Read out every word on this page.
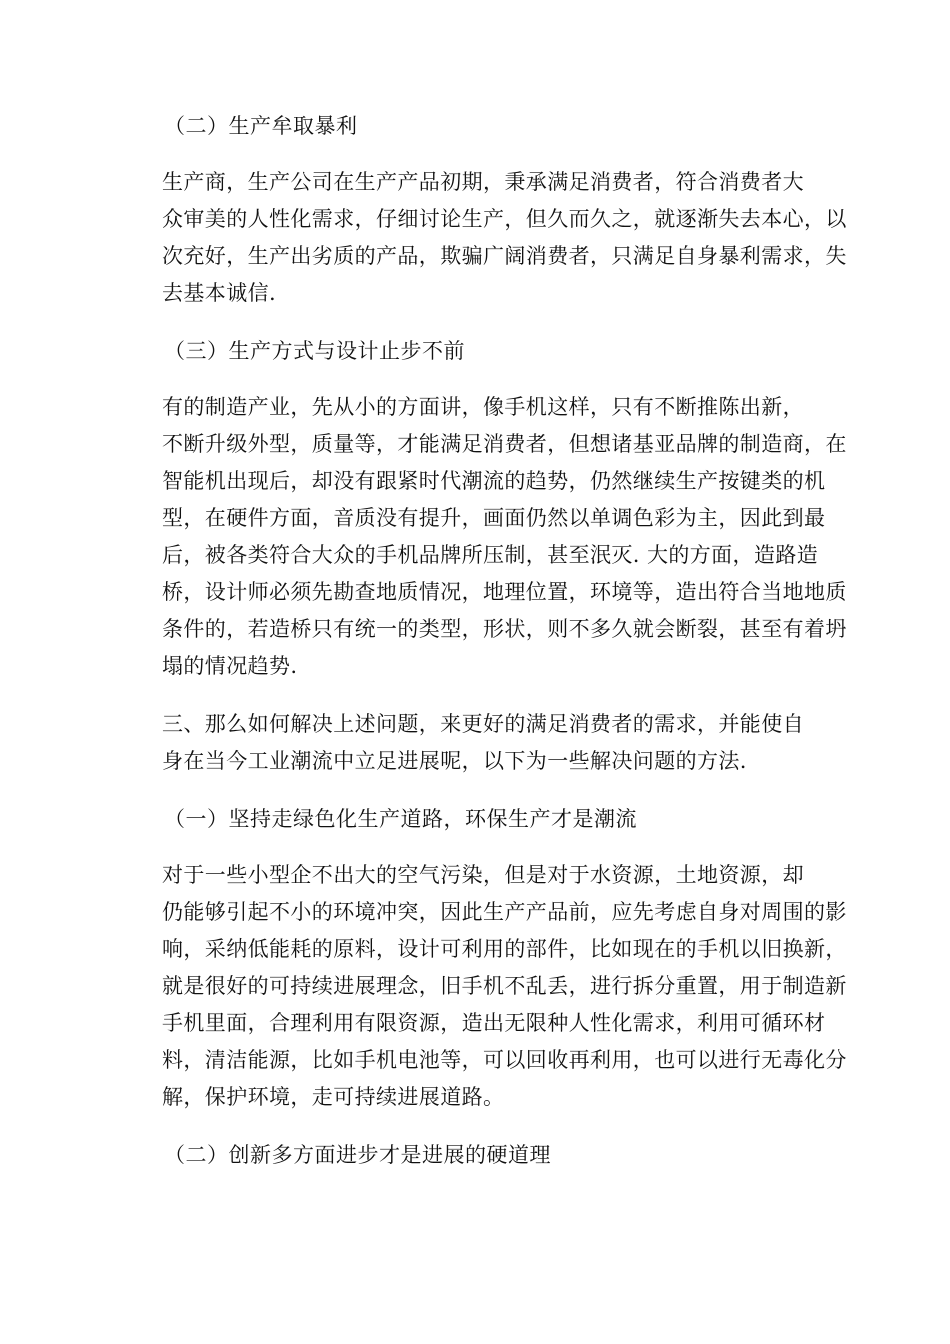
（二）生产牟取暴利
生产商，生产公司在生产产品初期，秉承满足消费者，符合消费者大
众审美的人性化需求，仔细讨论生产，但久而久之，就逐渐失去本心，以
次充好，生产出劣质的产品，欺骗广阔消费者，只满足自身暴利需求，失
去基本诚信.
（三）生产方式与设计止步不前
有的制造产业，先从小的方面讲，像手机这样，只有不断推陈出新，
不断升级外型，质量等，才能满足消费者，但想诸基亚品牌的制造商，在
智能机出现后，却没有跟紧时代潮流的趋势，仍然继续生产按键类的机
型，在硬件方面，音质没有提升，画面仍然以单调色彩为主，因此到最
后，被各类符合大众的手机品牌所压制，甚至泯灭. 大的方面，造路造
桥，设计师必须先勘查地质情况，地理位置，环境等，造出符合当地地质
条件的，若造桥只有统一的类型，形状，则不多久就会断裂，甚至有着坍
塌的情况趋势.
三、那么如何解决上述问题，来更好的满足消费者的需求，并能使自
身在当今工业潮流中立足进展呢，以下为一些解决问题的方法.
（一）坚持走绿色化生产道路，环保生产才是潮流
对于一些小型企不出大的空气污染，但是对于水资源，土地资源，却
仍能够引起不小的环境冲突，因此生产产品前，应先考虑自身对周围的影
响，采纳低能耗的原料，设计可利用的部件，比如现在的手机以旧换新，
就是很好的可持续进展理念，旧手机不乱丢，进行拆分重置，用于制造新
手机里面，合理利用有限资源，造出无限种人性化需求，利用可循环材
料，清洁能源，比如手机电池等，可以回收再利用，也可以进行无毒化分
解，保护环境，走可持续进展道路。
（二）创新多方面进步才是进展的硬道理
